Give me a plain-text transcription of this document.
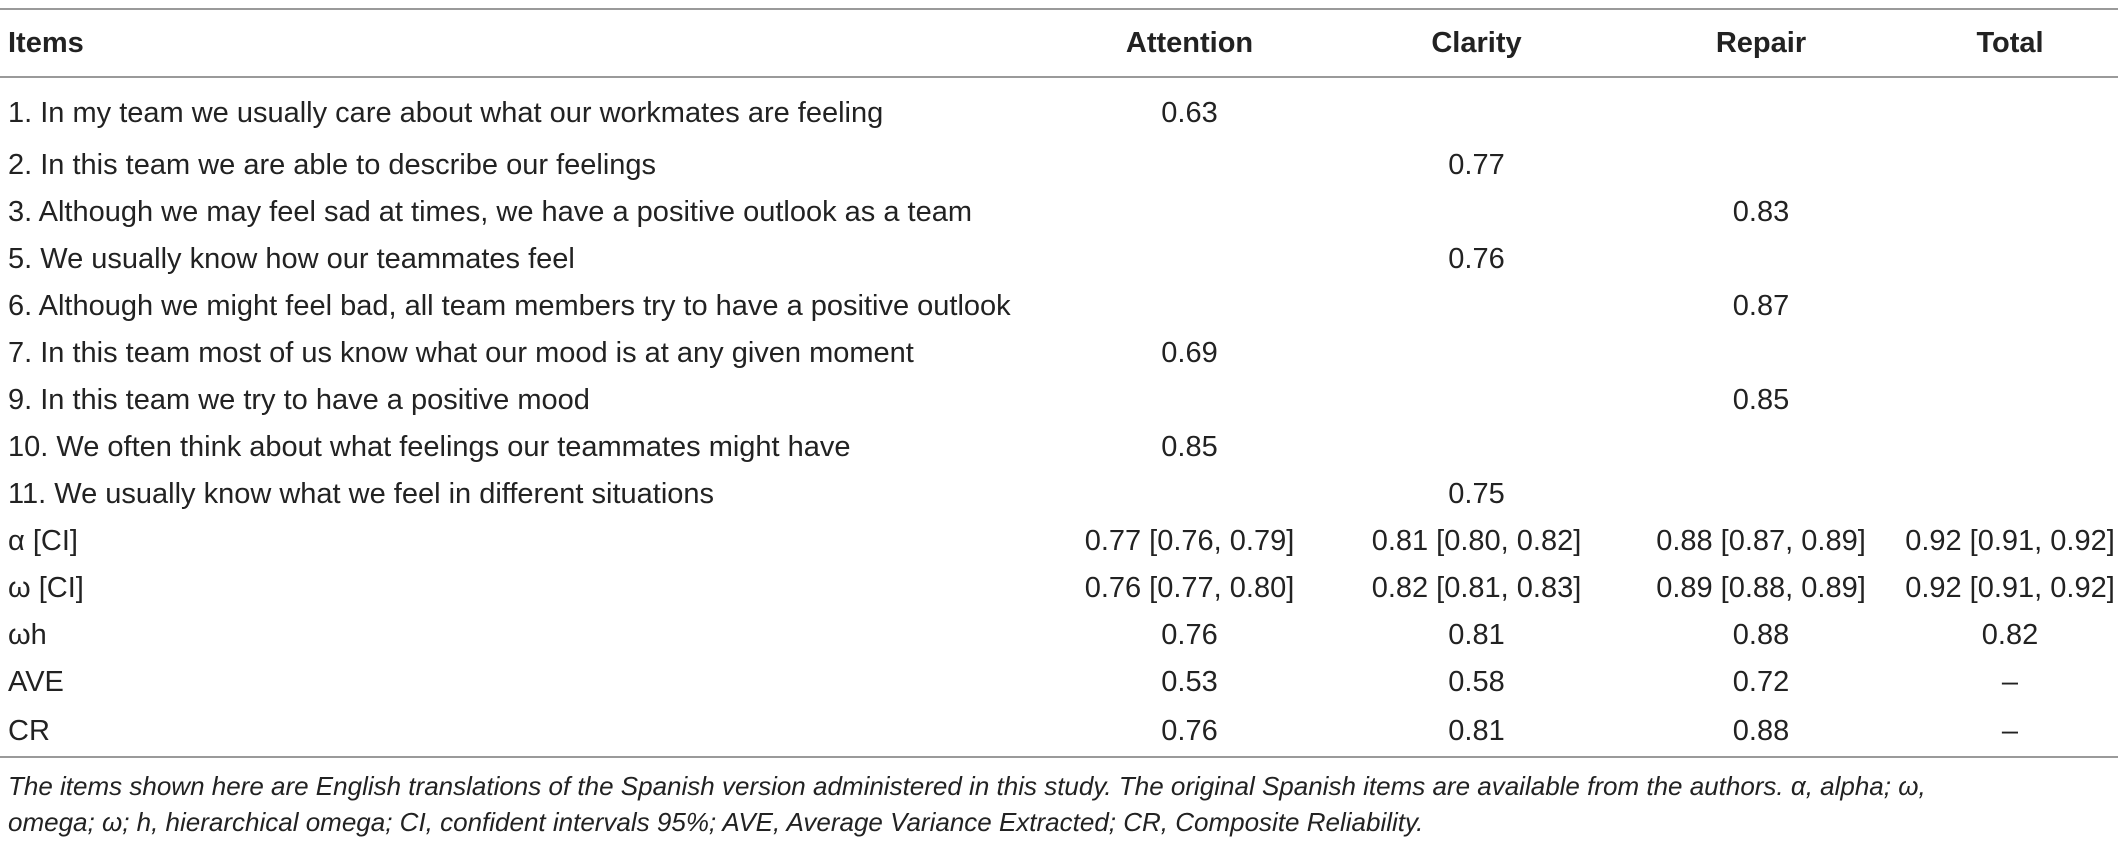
Items	Attention	Clarity	Repair	Total
1. In my team we usually care about what our workmates are feeling	0.63			
2. In this team we are able to describe our feelings		0.77		
3. Although we may feel sad at times, we have a positive outlook as a team			0.83	
5. We usually know how our teammates feel		0.76		
6. Although we might feel bad, all team members try to have a positive outlook			0.87	
7. In this team most of us know what our mood is at any given moment	0.69			
9. In this team we try to have a positive mood			0.85	
10. We often think about what feelings our teammates might have	0.85			
11. We usually know what we feel in different situations		0.75		
α [CI]	0.77 [0.76, 0.79]	0.81 [0.80, 0.82]	0.88 [0.87, 0.89]	0.92 [0.91, 0.92]
ω [CI]	0.76 [0.77, 0.80]	0.82 [0.81, 0.83]	0.89 [0.88, 0.89]	0.92 [0.91, 0.92]
ωh	0.76	0.81	0.88	0.82
AVE	0.53	0.58	0.72	–
CR	0.76	0.81	0.88	–
The items shown here are English translations of the Spanish version administered in this study. The original Spanish items are available from the authors. α, alpha; ω,
omega; ω; h, hierarchical omega; CI, confident intervals 95%; AVE, Average Variance Extracted; CR, Composite Reliability.
